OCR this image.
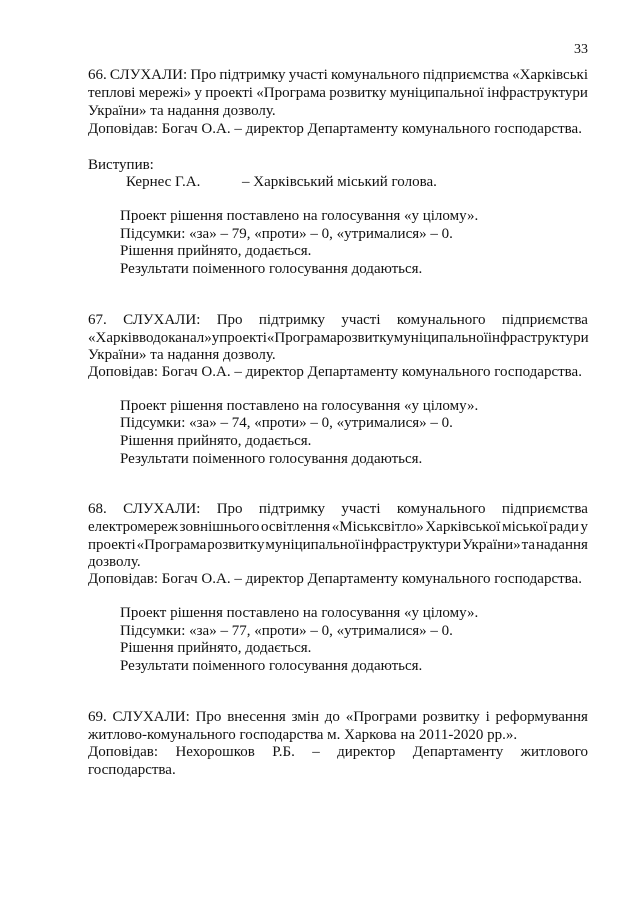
33
66. СЛУХАЛИ: Про підтримку участі комунального підприємства «Харківські
теплові мережі» у проекті «Програма розвитку муніципальної інфраструктури
України» та надання дозволу.
Доповідав: Богач О.А. – директор Департаменту комунального господарства.
Виступив:
Кернес Г.А.	– Харківський міський голова.
Проект рішення поставлено на голосування «у цілому».
Підсумки: «за» – 79, «проти» – 0, «утрималися» – 0.
Рішення прийнято, додається.
Результати поіменного голосування додаються.
67. СЛУХАЛИ: Про підтримку участі комунального підприємства
«Харківводоканал» у проекті «Програма розвитку муніципальної інфраструктури
України» та надання дозволу.
Доповідав: Богач О.А. – директор Департаменту комунального господарства.
Проект рішення поставлено на голосування «у цілому».
Підсумки: «за» – 74, «проти» – 0, «утрималися» – 0.
Рішення прийнято, додається.
Результати поіменного голосування додаються.
68. СЛУХАЛИ: Про підтримку участі комунального підприємства
електромереж зовнішнього освітлення «Міськсвітло» Харківської міської ради у
проекті «Програма розвитку муніципальної інфраструктури України» та надання
дозволу.
Доповідав: Богач О.А. – директор Департаменту комунального господарства.
Проект рішення поставлено на голосування «у цілому».
Підсумки: «за» – 77, «проти» – 0, «утрималися» – 0.
Рішення прийнято, додається.
Результати поіменного голосування додаються.
69. СЛУХАЛИ: Про внесення змін до «Програми розвитку і реформування
житлово-комунального господарства м. Харкова на 2011-2020 рр.».
Доповідав: Нехорошков Р.Б. – директор Департаменту житлового
господарства.
